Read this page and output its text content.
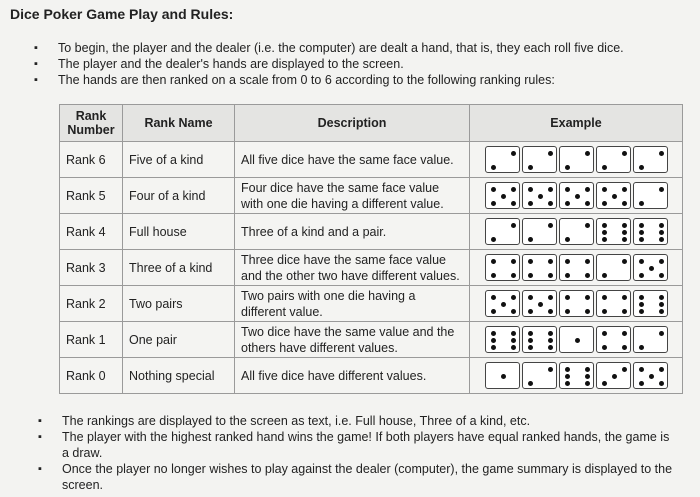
Dice Poker Game Play and Rules:
▪ To begin, the player and the dealer (i.e. the computer) are dealt a hand, that is, they each roll five dice.
▪ The player and the dealer's hands are displayed to the screen.
▪ The hands are then ranked on a scale from 0 to 6 according to the following ranking rules:
Rank Number	Rank Name	Description	Example
Rank 6	Five of a kind	All five dice have the same face value.	

Rank 5	Four of a kind	Four dice have the same face value with one die having a different value.	

Rank 4	Full house	Three of a kind and a pair.	

Rank 3	Three of a kind	Three dice have the same face value and the other two have different values.	

Rank 2	Two pairs	Two pairs with one die having a different value.	

Rank 1	One pair	Two dice have the same value and the others have different values.	

Rank 0	Nothing special	All five dice have different values.	
▪ The rankings are displayed to the screen as text, i.e. Full house, Three of a kind, etc.
▪ The player with the highest ranked hand wins the game! If both players have equal ranked hands, the game is a draw.
▪ Once the player no longer wishes to play against the dealer (computer), the game summary is displayed to the screen.
